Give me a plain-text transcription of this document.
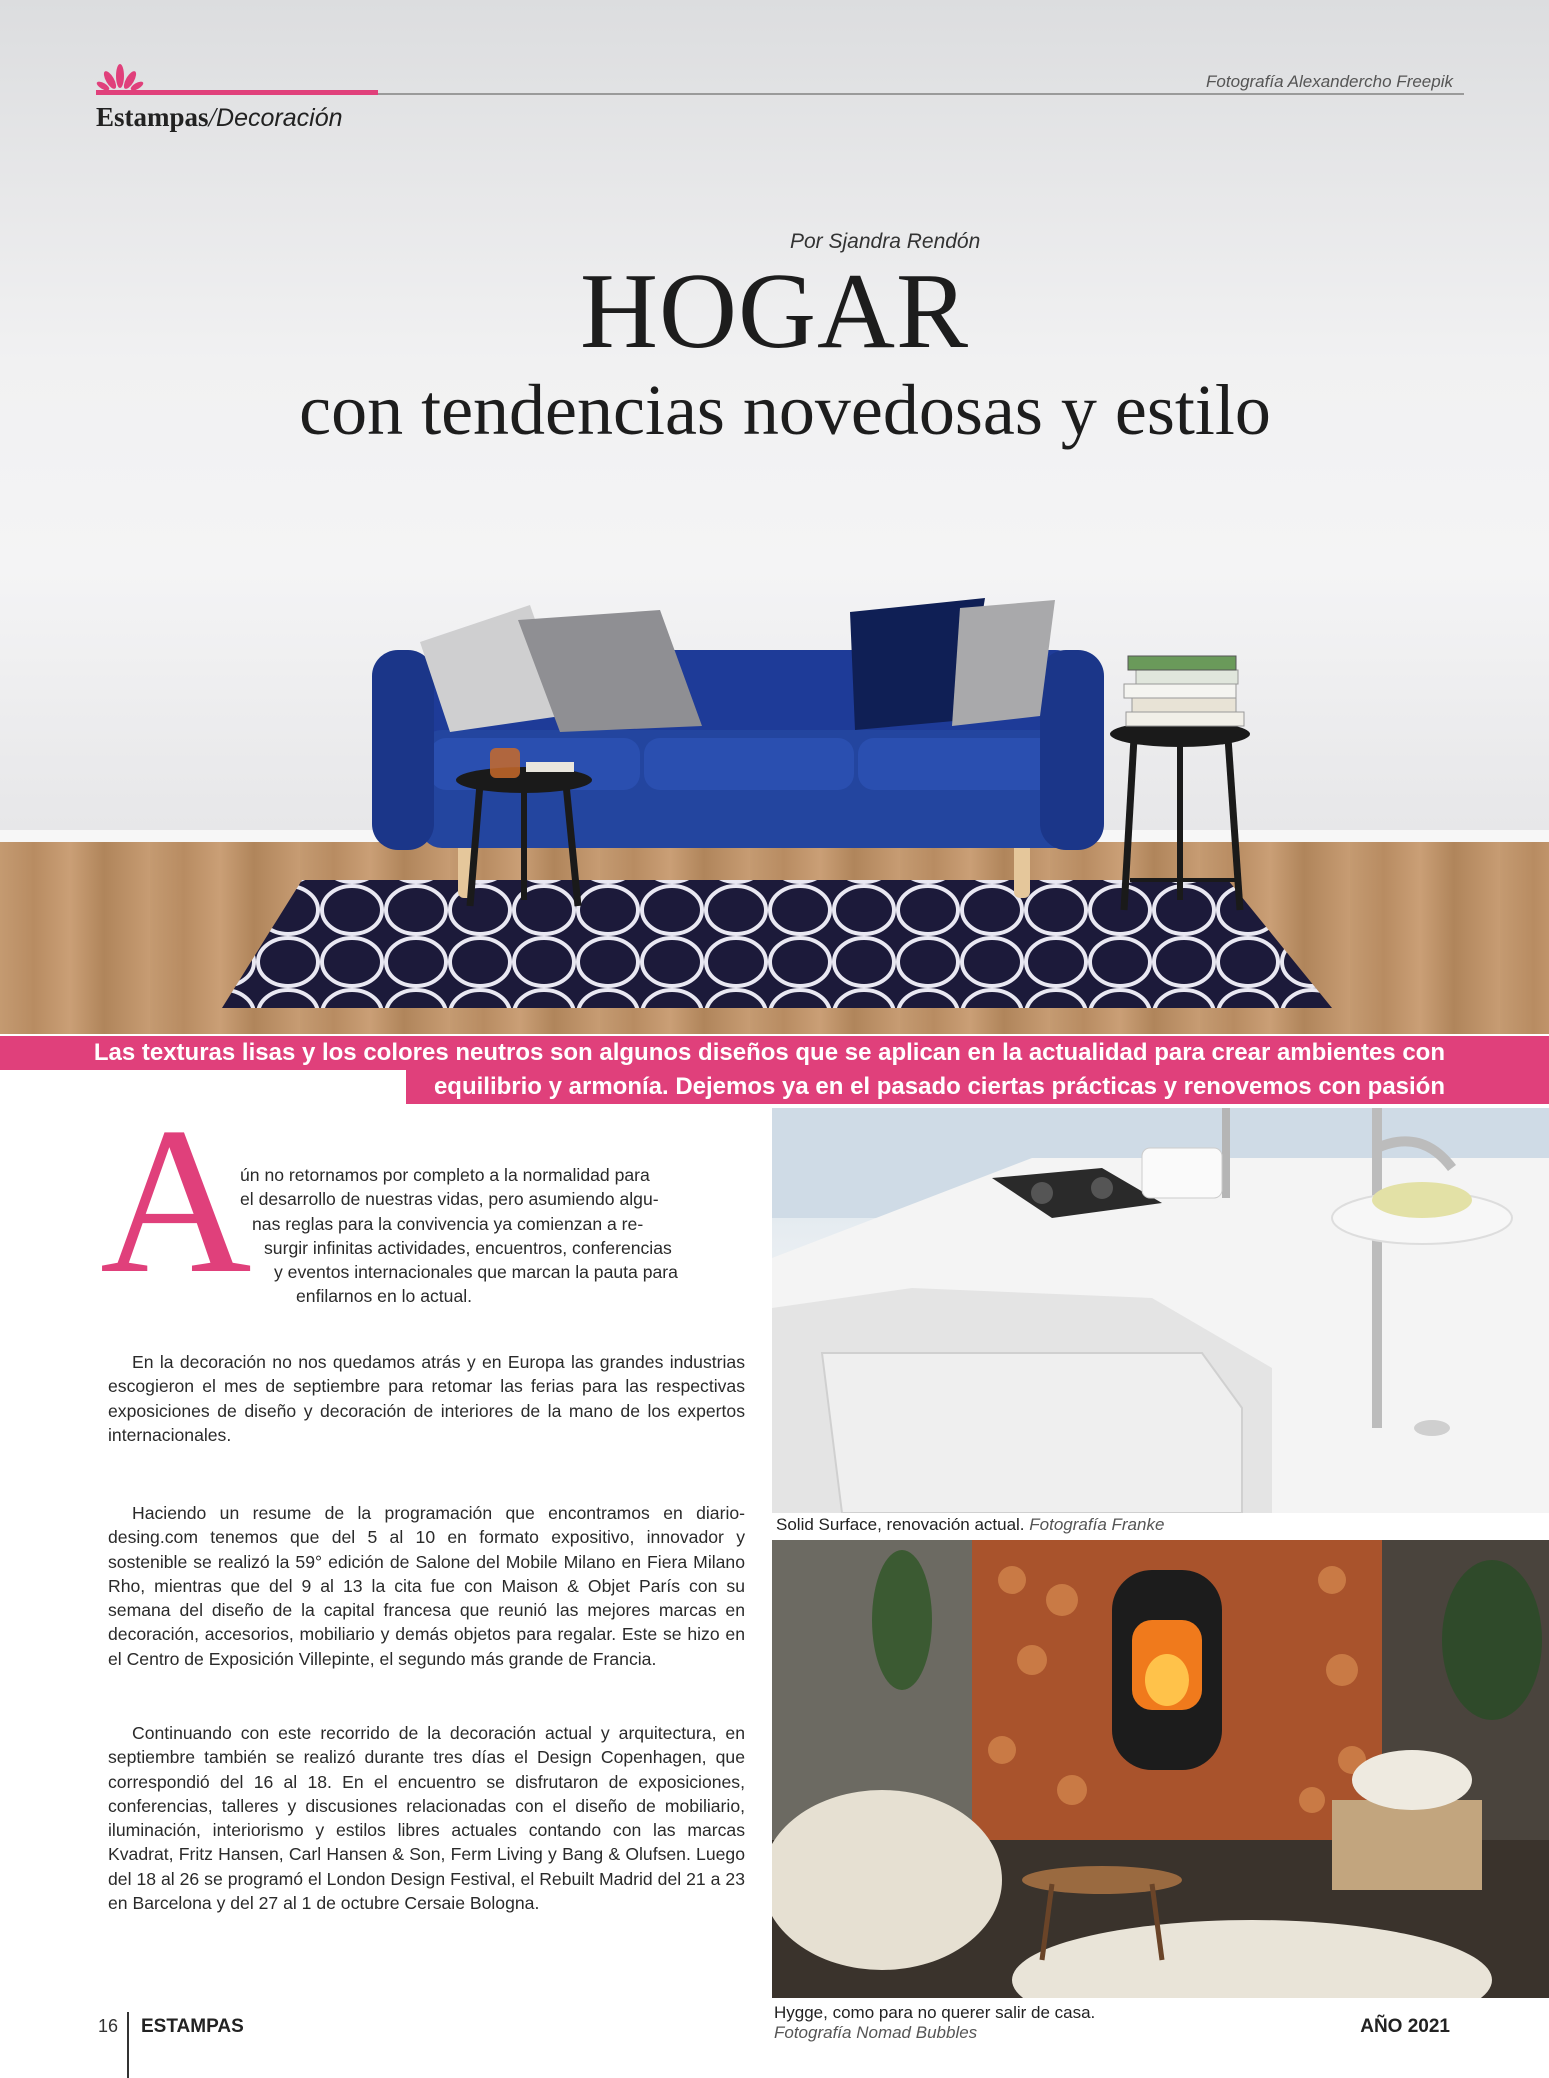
Estampas/Decoración
Fotografía Alexandercho Freepik
Por Sjandra Rendón
HOGAR
con tendencias novedosas y estilo
Las texturas lisas y los colores neutros son algunos diseños que se aplican en la actualidad para crear ambientes con
equilibrio y armonía. Dejemos ya en el pasado ciertas prácticas y renovemos con pasión
A

ún no retornamos por completo a la normalidad para
el desarrollo de nuestras vidas, pero asumiendo algu-
nas reglas para la convivencia ya comienzan a re-
surgir infinitas actividades, encuentros, conferencias
y eventos internacionales que marcan la pauta para
enfilarnos en lo actual.

En la decoración no nos quedamos atrás y en Europa las grandes industrias escogieron el mes de septiembre para retomar las ferias para las respectivas exposiciones de diseño y decoración de interiores de la mano de los expertos internacionales.

Haciendo un resume de la programación que encontramos en diario-desing.com tenemos que del 5 al 10 en formato expositivo, innovador y sostenible se realizó la 59° edición de Salone del Mobile Milano en Fiera Milano Rho, mientras que del 9 al 13 la cita fue con Maison & Objet París con su semana del diseño de la capital francesa que reunió las mejores marcas en decoración, accesorios, mobiliario y demás objetos para regalar. Este se hizo en el Centro de Exposición Villepinte, el segundo más grande de Francia.

Continuando con este recorrido de la decoración actual y arquitectura, en septiembre también se realizó durante tres días el Design Copenhagen, que correspondió del 16 al 18. En el encuentro se disfrutaron de exposiciones, conferencias, talleres y discusiones relacionadas con el diseño de mobiliario, iluminación, interiorismo y estilos libres actuales contando con las marcas Kvadrat, Fritz Hansen, Carl Hansen & Son, Ferm Living y Bang & Olufsen. Luego del 18 al 26 se programó el London Design Festival, el Rebuilt Madrid del 21 a 23 en Barcelona y del 27 al 1 de octubre Cersaie Bologna.

Solid Surface, renovación actual. Fotografía Franke
Hygge, como para no querer salir de casa.
Fotografía Nomad Bubbles
16 ESTAMPAS	AÑO 2021
